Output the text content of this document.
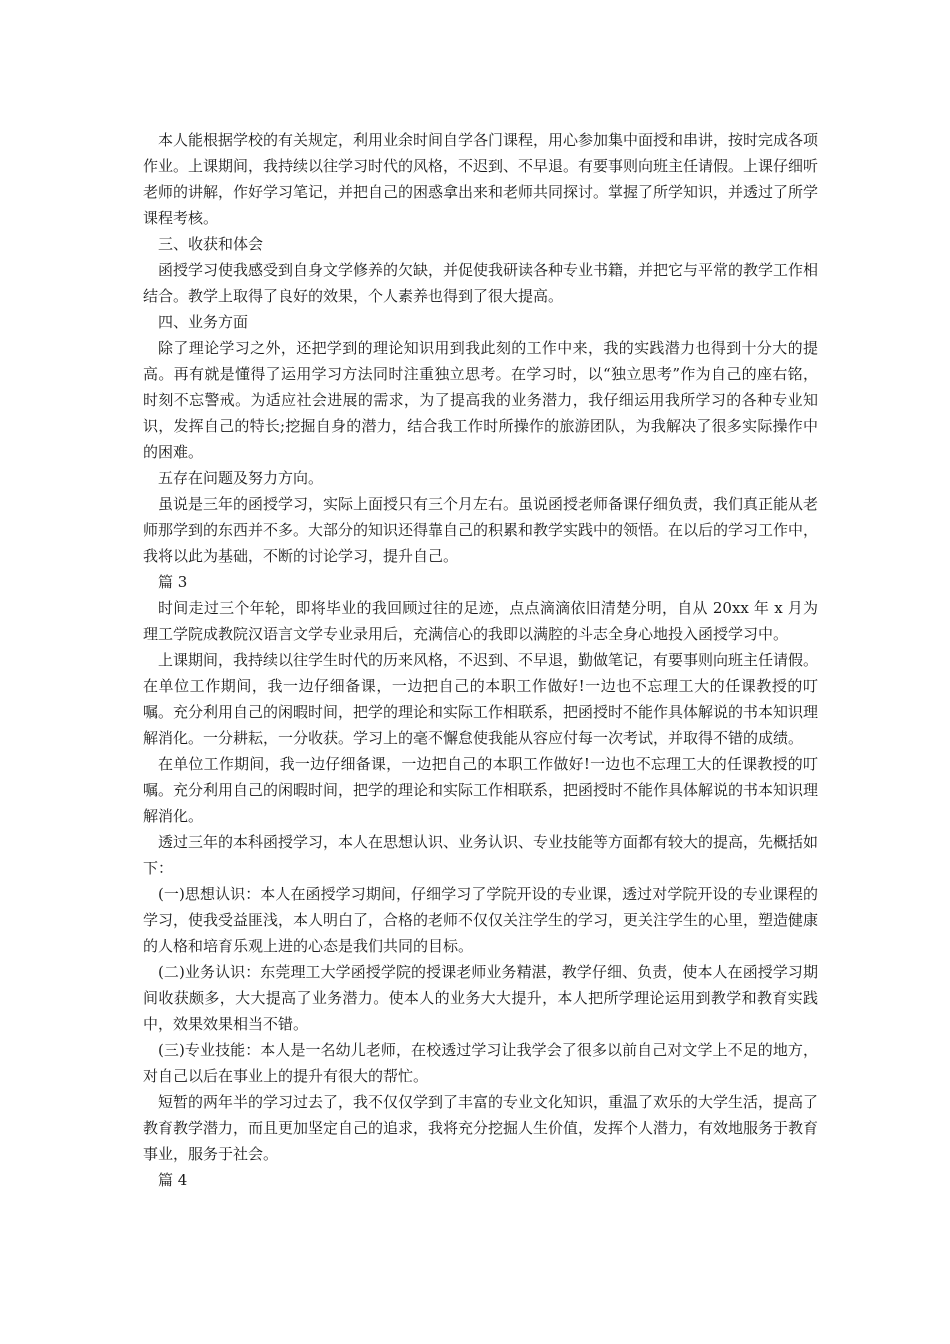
本人能根据学校的有关规定，利用业余时间自学各门课程，用心参加集中面授和串讲，按时完成各项作业。上课期间，我持续以往学习时代的风格，不迟到、不早退。有要事则向班主任请假。上课仔细听老师的讲解，作好学习笔记，并把自己的困惑拿出来和老师共同探讨。掌握了所学知识，并透过了所学课程考核。

三、收获和体会

函授学习使我感受到自身文学修养的欠缺，并促使我研读各种专业书籍，并把它与平常的教学工作相结合。教学上取得了良好的效果，个人素养也得到了很大提高。

四、业务方面

除了理论学习之外，还把学到的理论知识用到我此刻的工作中来，我的实践潜力也得到十分大的提高。再有就是懂得了运用学习方法同时注重独立思考。在学习时，以“独立思考”作为自己的座右铭，时刻不忘警戒。为适应社会进展的需求，为了提高我的业务潜力，我仔细运用我所学习的各种专业知识，发挥自己的特长;挖掘自身的潜力，结合我工作时所操作的旅游团队，为我解决了很多实际操作中的困难。

五存在问题及努力方向。

虽说是三年的函授学习，实际上面授只有三个月左右。虽说函授老师备课仔细负责，我们真正能从老师那学到的东西并不多。大部分的知识还得靠自己的积累和教学实践中的领悟。在以后的学习工作中，我将以此为基础，不断的讨论学习，提升自己。

篇 3

时间走过三个年轮，即将毕业的我回顾过往的足迹，点点滴滴依旧清楚分明，自从 20xx 年 x 月为理工学院成教院汉语言文学专业录用后，充满信心的我即以满腔的斗志全身心地投入函授学习中。

上课期间，我持续以往学生时代的历来风格，不迟到、不早退，勤做笔记，有要事则向班主任请假。在单位工作期间，我一边仔细备课，一边把自己的本职工作做好!一边也不忘理工大的任课教授的叮嘱。充分利用自己的闲暇时间，把学的理论和实际工作相联系，把函授时不能作具体解说的书本知识理解消化。一分耕耘，一分收获。学习上的毫不懈怠使我能从容应付每一次考试，并取得不错的成绩。

在单位工作期间，我一边仔细备课，一边把自己的本职工作做好!一边也不忘理工大的任课教授的叮嘱。充分利用自己的闲暇时间，把学的理论和实际工作相联系，把函授时不能作具体解说的书本知识理解消化。

透过三年的本科函授学习，本人在思想认识、业务认识、专业技能等方面都有较大的提高，先概括如下：

(一)思想认识：本人在函授学习期间，仔细学习了学院开设的专业课，透过对学院开设的专业课程的学习，使我受益匪浅，本人明白了，合格的老师不仅仅关注学生的学习，更关注学生的心里，塑造健康的人格和培育乐观上进的心态是我们共同的目标。

(二)业务认识：东莞理工大学函授学院的授课老师业务精湛，教学仔细、负责，使本人在函授学习期间收获颇多，大大提高了业务潜力。使本人的业务大大提升，本人把所学理论运用到教学和教育实践中，效果效果相当不错。

(三)专业技能：本人是一名幼儿老师，在校透过学习让我学会了很多以前自己对文学上不足的地方，对自己以后在事业上的提升有很大的帮忙。

短暂的两年半的学习过去了，我不仅仅学到了丰富的专业文化知识，重温了欢乐的大学生活，提高了教育教学潜力，而且更加坚定自己的追求，我将充分挖掘人生价值，发挥个人潜力，有效地服务于教育事业，服务于社会。

篇 4
